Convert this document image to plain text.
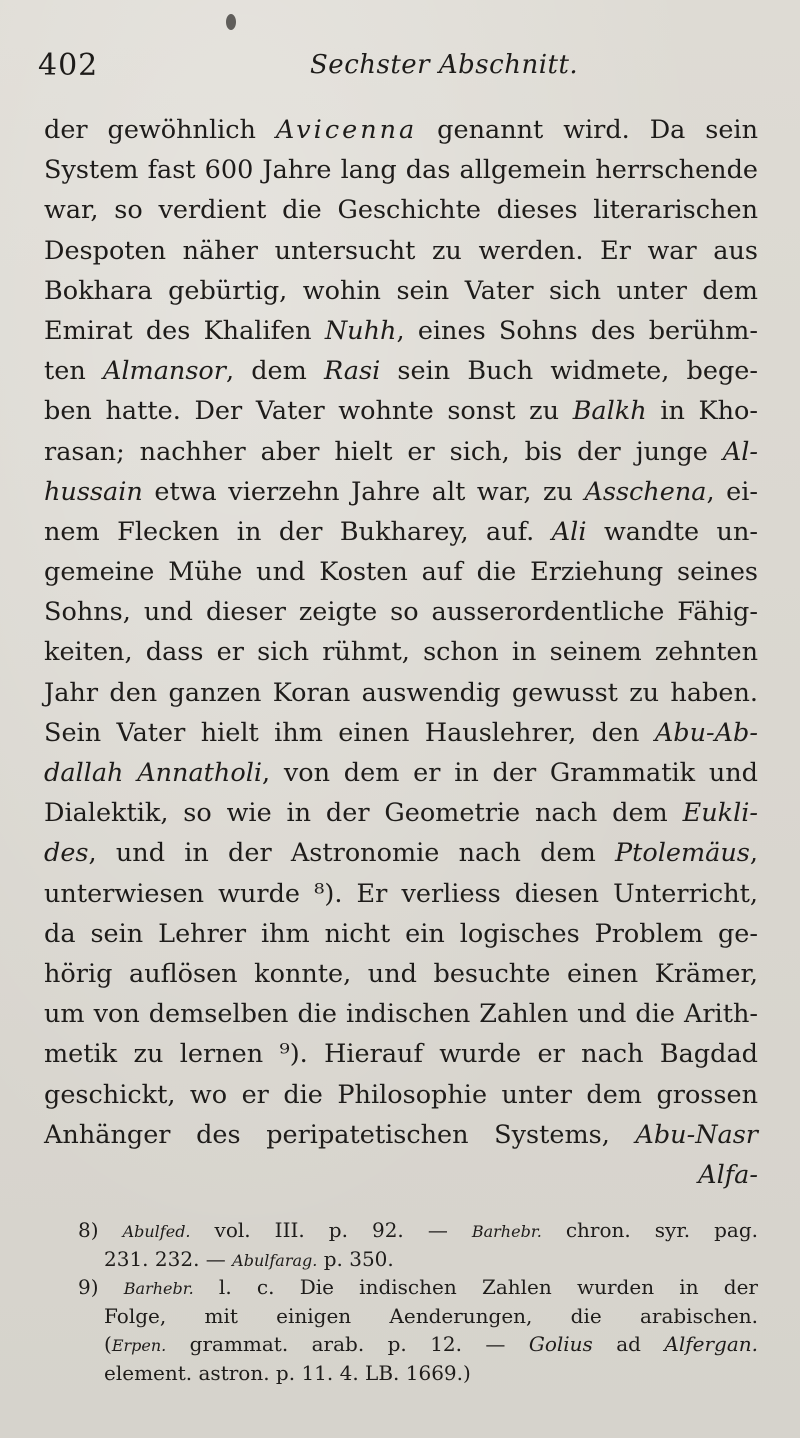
402	Sechster Abschnitt.
der gewöhnlich Avicenna genannt wird. Da sein
System fast 600 Jahre lang das allgemein herrschende
war, so verdient die Geschichte dieses literarischen
Despoten näher untersucht zu werden. Er war aus
Bokhara gebürtig, wohin sein Vater sich unter dem
Emirat des Khalifen Nuhh, eines Sohns des berühm-
ten Almansor, dem Rasi sein Buch widmete, bege-
ben hatte. Der Vater wohnte sonst zu Balkh in Kho-
rasan; nachher aber hielt er sich, bis der junge Al-
hussain etwa vierzehn Jahre alt war, zu Asschena, ei-
nem Flecken in der Bukharey, auf. Ali wandte un-
gemeine Mühe und Kosten auf die Erziehung seines
Sohns, und dieser zeigte so ausserordentliche Fähig-
keiten, dass er sich rühmt, schon in seinem zehnten
Jahr den ganzen Koran auswendig gewusst zu haben.
Sein Vater hielt ihm einen Hauslehrer, den Abu-Ab-
dallah Annatholi, von dem er in der Grammatik und
Dialektik, so wie in der Geometrie nach dem Eukli-
des, und in der Astronomie nach dem Ptolemäus,
unterwiesen wurde ⁸). Er verliess diesen Unterricht,
da sein Lehrer ihm nicht ein logisches Problem ge-
hörig auflösen konnte, und besuchte einen Krämer,
um von demselben die indischen Zahlen und die Arith-
metik zu lernen ⁹). Hierauf wurde er nach Bagdad
geschickt, wo er die Philosophie unter dem grossen
Anhänger des peripatetischen Systems, Abu-Nasr
Alfa-
8) Abulfed. vol. III. p. 92. — Barhebr. chron. syr. pag.
231. 232. — Abulfarag. p. 350.
9) Barhebr. l. c. Die indischen Zahlen wurden in der
Folge, mit einigen Aenderungen, die arabischen.
(Erpen. grammat. arab. p. 12. — Golius ad Alfergan.
element. astron. p. 11. 4. LB. 1669.)
